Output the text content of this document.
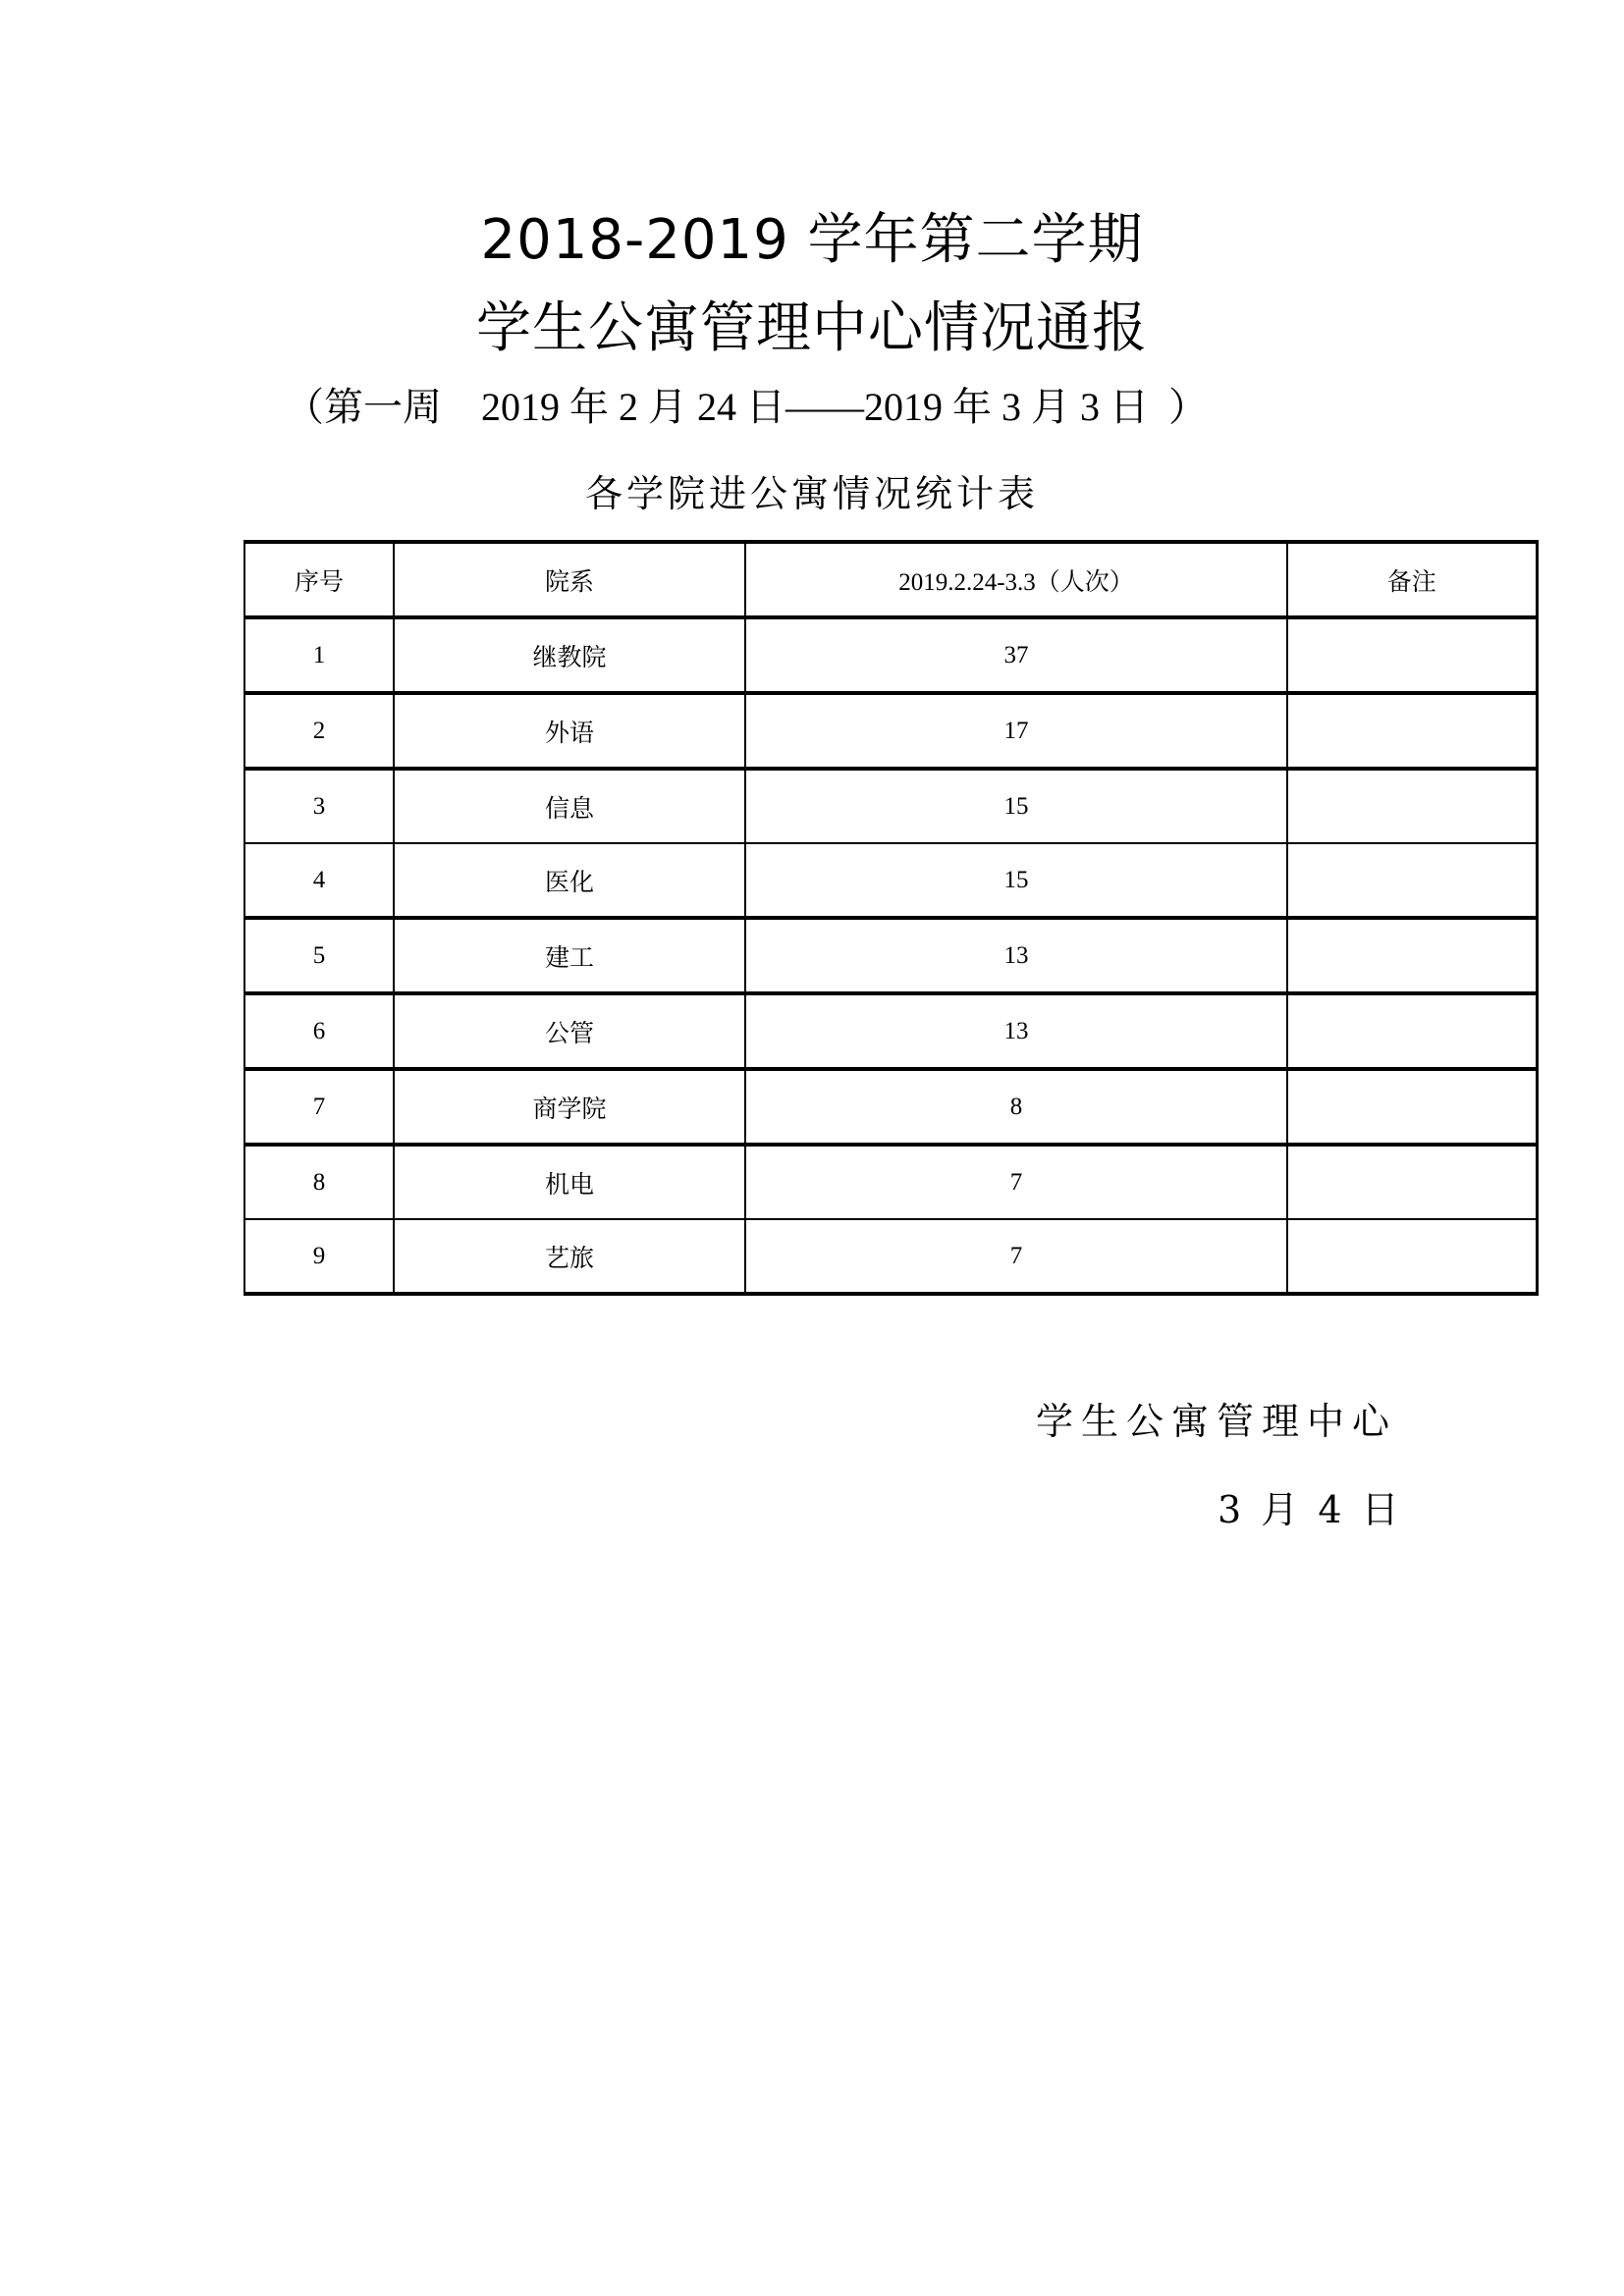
2018-2019 学年第二学期
学生公寓管理中心情况通报
（第一周    2019 年 2 月 24 日——2019 年 3 月 3 日  ）
各学院进公寓情况统计表
序号	院系	2019.2.24-3.3（人次）	备注
1	继教院	37	
2	外语	17	
3	信息	15	
4	医化	15	
5	建工	13	
6	公管	13	
7	商学院	8	
8	机电	7	
9	艺旅	7	
学生公寓管理中心
3 月 4 日
